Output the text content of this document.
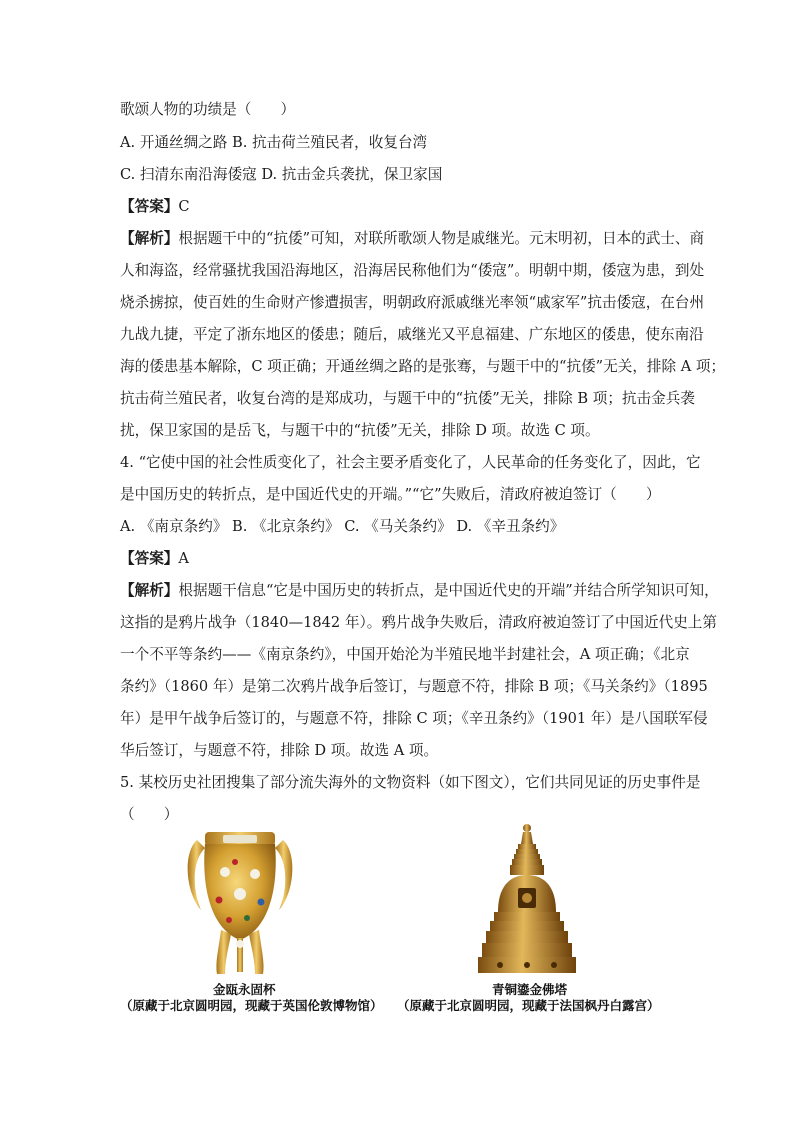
歌颂人物的功绩是（　　）
A. 开通丝绸之路 B. 抗击荷兰殖民者，收复台湾
C. 扫清东南沿海倭寇 D. 抗击金兵袭扰，保卫家国
【答案】C
【解析】根据题干中的“抗倭”可知，对联所歌颂人物是戚继光。元末明初，日本的武士、商
人和海盗，经常骚扰我国沿海地区，沿海居民称他们为“倭寇”。明朝中期，倭寇为患，到处
烧杀掳掠，使百姓的生命财产惨遭损害，明朝政府派戚继光率领“戚家军”抗击倭寇，在台州
九战九捷，平定了浙东地区的倭患；随后，戚继光又平息福建、广东地区的倭患，使东南沿
海的倭患基本解除，C 项正确；开通丝绸之路的是张骞，与题干中的“抗倭”无关，排除 A 项；
抗击荷兰殖民者，收复台湾的是郑成功，与题干中的“抗倭”无关，排除 B 项；抗击金兵袭
扰，保卫家国的是岳飞，与题干中的“抗倭”无关，排除 D 项。故选 C 项。
4. “它使中国的社会性质变化了，社会主要矛盾变化了，人民革命的任务变化了，因此，它
是中国历史的转折点，是中国近代史的开端。”“它”失败后，清政府被迫签订（　　）
A. 《南京条约》 B. 《北京条约》 C. 《马关条约》 D. 《辛丑条约》
【答案】A
【解析】根据题干信息“它是中国历史的转折点，是中国近代史的开端”并结合所学知识可知，
这指的是鸦片战争（1840—1842 年）。鸦片战争失败后，清政府被迫签订了中国近代史上第
一个不平等条约——《南京条约》，中国开始沦为半殖民地半封建社会，A 项正确；《北京
条约》（1860 年）是第二次鸦片战争后签订，与题意不符，排除 B 项；《马关条约》（1895
年）是甲午战争后签订的，与题意不符，排除 C 项；《辛丑条约》（1901 年）是八国联军侵
华后签订，与题意不符，排除 D 项。故选 A 项。
5. 某校历史社团搜集了部分流失海外的文物资料（如下图文），它们共同见证的历史事件是
（　　）
金瓯永固杯
（原藏于北京圆明园，现藏于英国伦敦博物馆）
青铜鎏金佛塔
（原藏于北京圆明园，现藏于法国枫丹白露宫）
